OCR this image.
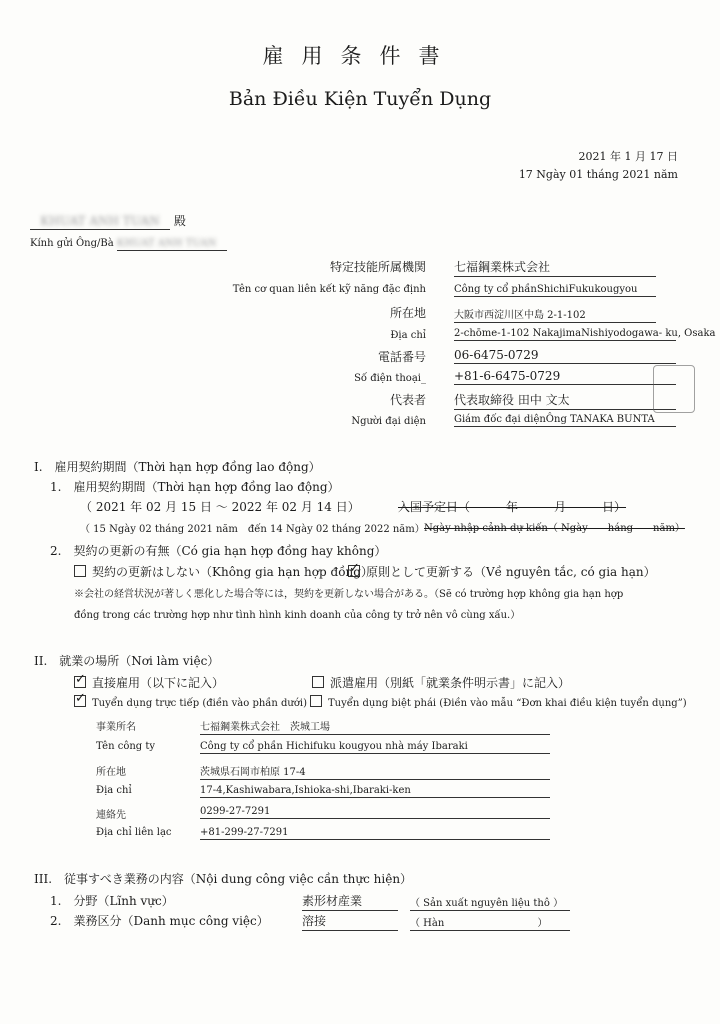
雇用条件書
Bản Điều Kiện Tuyển Dụng
2021 年 1 月 17 日
17 Ngày 01 tháng 2021 năm
KHUAT ANH TUAN 殿
Kính gửi Ông/Bà KHUAT ANH TUAN
特定技能所属機関 七福鋼業株式会社
Tên cơ quan liên kết kỹ năng đặc định	Công ty cổ phầnShichiFukukougyou
所在地	大阪市西淀川区中島 2-1-102
Địa chỉ	2-chōme-1-102 NakajimaNishiyodogawa- ku, Osaka
電話番号 06-6475-0729
Số điện thoại_ +81-6-6475-0729
代表者 代表取締役 田中 文太
Người đại diện	Giám đốc đại diệnÔng TANAKA BUNTA
I.　雇用契約期間（Thời hạn hợp đồng lao động）
1.　雇用契約期間（Thời hạn hợp đồng lao động）
（ 2021 年 02 月 15 日 ～ 2022 年 02 月 14 日）
（ 15 Ngày 02 tháng 2021 năm　đến 14 Ngày 02 tháng 2022 năm）
入国予定日（　　　年　　　月　　　日）
Ngày nhập cảnh dự kiến（ Ngày　　háng　　năm）
2.　契約の更新の有無（Có gia hạn hợp đồng hay không）
契約の更新はしない（Không gia hạn hợp đồng）
✓原則として更新する（Về nguyên tắc, có gia hạn）
※会社の経営状況が著しく悪化した場合等には，契約を更新しない場合がある。（Sẽ có trường hợp không gia hạn hợp
đồng trong các trường hợp như tình hình kinh doanh của công ty trở nên vô cùng xấu.）
II.　就業の場所（Nơi làm việc）
✓直接雇用（以下に記入）	派遣雇用（別紙「就業条件明示書」に記入）
✓Tuyển dụng trực tiếp (điền vào phần dưới)	Tuyển dụng biệt phái (Điền vào mẫu “Đơn khai điều kiện tuyển dụng”)
事業所名	七福鋼業株式会社　茨城工場
Tên công ty	Công ty cổ phần Hichifuku kougyou nhà máy Ibaraki
所在地	茨城県石岡市柏原 17-4
Địa chỉ	17-4,Kashiwabara,Ishioka-shi,Ibaraki-ken
連絡先	0299-27-7291
Địa chỉ liên lạc	+81-299-27-7291
III.　従事すべき業務の内容（Nội dung công việc cần thực hiện）
1.　分野（Lĩnh vực）	素形材産業	（ Sản xuất nguyên liệu thô ）
2.　業務区分（Danh mục công việc）	溶接	（ Hàn　　　　　　　　　 ）
